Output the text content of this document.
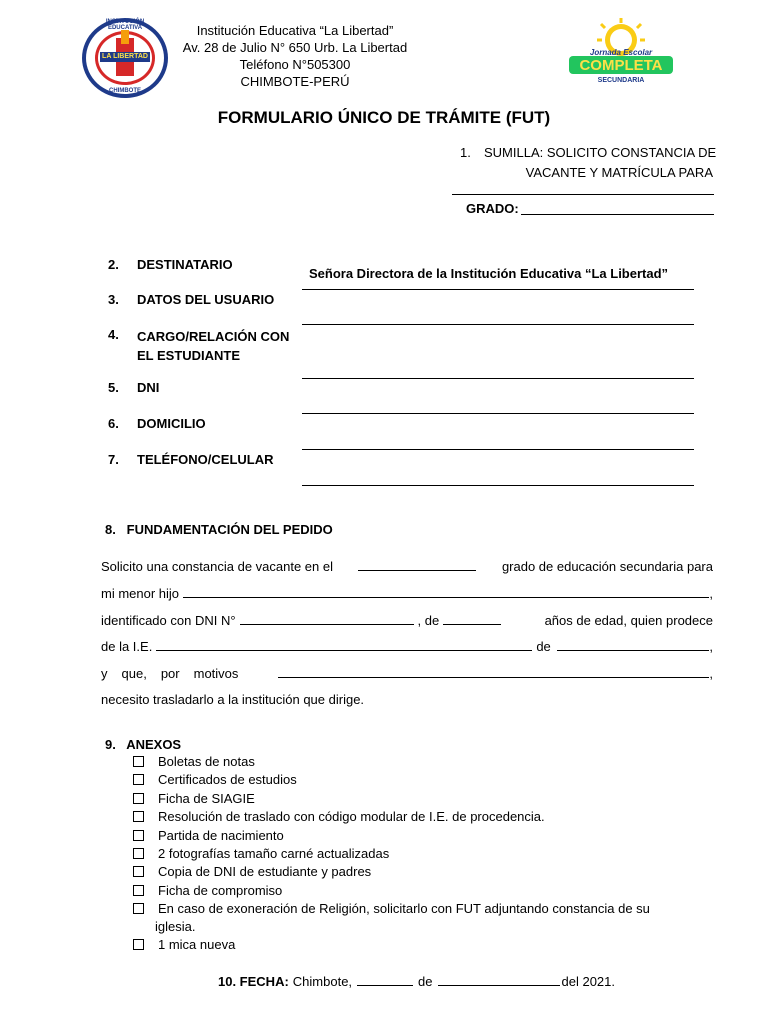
INSTITUCIÓN EDUCATIVA
LA LIBERTAD
CHIMBOTE
Institución Educativa “La Libertad”
Av. 28 de Julio N° 650 Urb. La Libertad
Teléfono N°505300
CHIMBOTE-PERÚ
Jornada Escolar
COMPLETA
SECUNDARIA
FORMULARIO ÚNICO DE TRÁMITE (FUT)
1. SUMILLA: SOLICITO CONSTANCIA DE
VACANTE Y MATRÍCULA PARA
GRADO:
2. DESTINATARIO
Señora Directora de la Institución Educativa “La Libertad”
3. DATOS DEL USUARIO
4. CARGO/RELACIÓN CON
EL ESTUDIANTE
5. DNI
6. DOMICILIO
7. TELÉFONO/CELULAR
8.   FUNDAMENTACIÓN DEL PEDIDO
Solicito una constancia de vacante en el	grado de educación secundaria para
mi menor hijo	,
identificado con DNI N°	, de	años de edad, quien prodece
de la I.E.	de	,
y que, por motivos	,
necesito trasladarlo a la institución que dirige.
9.   ANEXOS
Boletas de notas
Certificados de estudios
Ficha de SIAGIE
Resolución de traslado con código modular de I.E. de procedencia.
Partida de nacimiento
2 fotografías tamaño carné actualizadas
Copia de DNI de estudiante y padres
Ficha de compromiso
En caso de exoneración de Religión, solicitarlo con FUT adjuntando constancia de su
iglesia.
1 mica nueva
10. FECHA: Chimbote,	de	del 2021.
